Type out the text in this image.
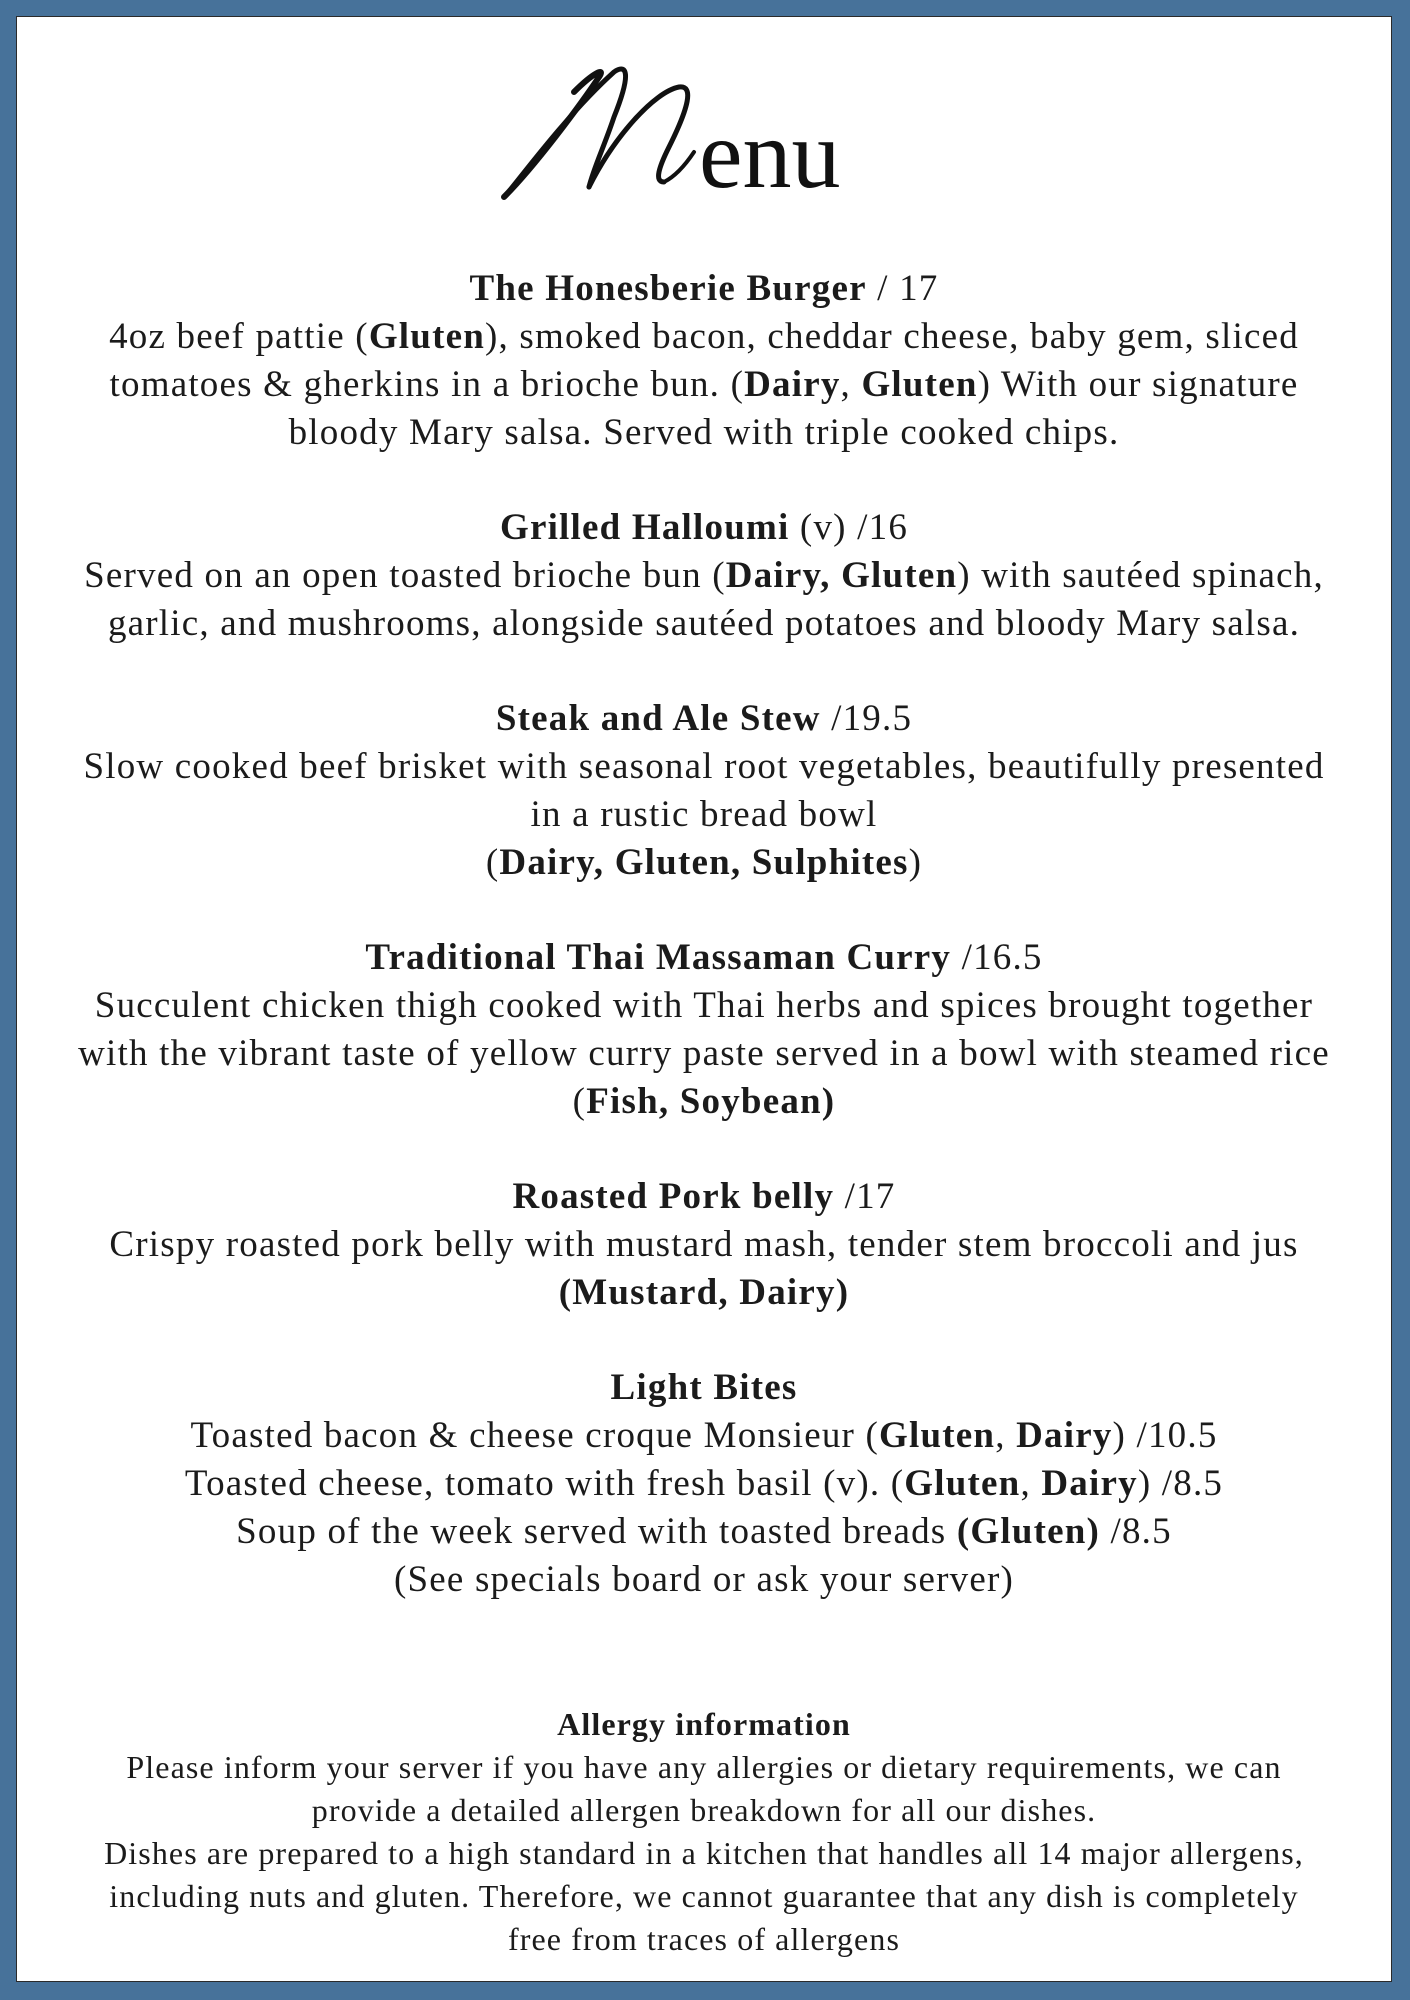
enu
The Honesberie Burger / 17
4oz beef pattie (Gluten), smoked bacon, cheddar cheese, baby gem, sliced
tomatoes & gherkins in a brioche bun. (Dairy, Gluten) With our signature
bloody Mary salsa. Served with triple cooked chips.
Grilled Halloumi (v) /16
Served on an open toasted brioche bun (Dairy, Gluten) with sautéed spinach,
garlic, and mushrooms, alongside sautéed potatoes and bloody Mary salsa.
Steak and Ale Stew /19.5
Slow cooked beef brisket with seasonal root vegetables, beautifully presented
in a rustic bread bowl
(Dairy, Gluten, Sulphites)
Traditional Thai Massaman Curry /16.5
Succulent chicken thigh cooked with Thai herbs and spices brought together
with the vibrant taste of yellow curry paste served in a bowl with steamed rice
(Fish, Soybean)
Roasted Pork belly /17
Crispy roasted pork belly with mustard mash, tender stem broccoli and jus
(Mustard, Dairy)
Light Bites
Toasted bacon & cheese croque Monsieur (Gluten, Dairy) /10.5
Toasted cheese, tomato with fresh basil (v). (Gluten, Dairy) /8.5
Soup of the week served with toasted breads (Gluten) /8.5
(See specials board or ask your server)
Allergy information

Please inform your server if you have any allergies or dietary requirements, we can

provide a detailed allergen breakdown for all our dishes.

Dishes are prepared to a high standard in a kitchen that handles all 14 major allergens,

including nuts and gluten. Therefore, we cannot guarantee that any dish is completely

free from traces of allergens
